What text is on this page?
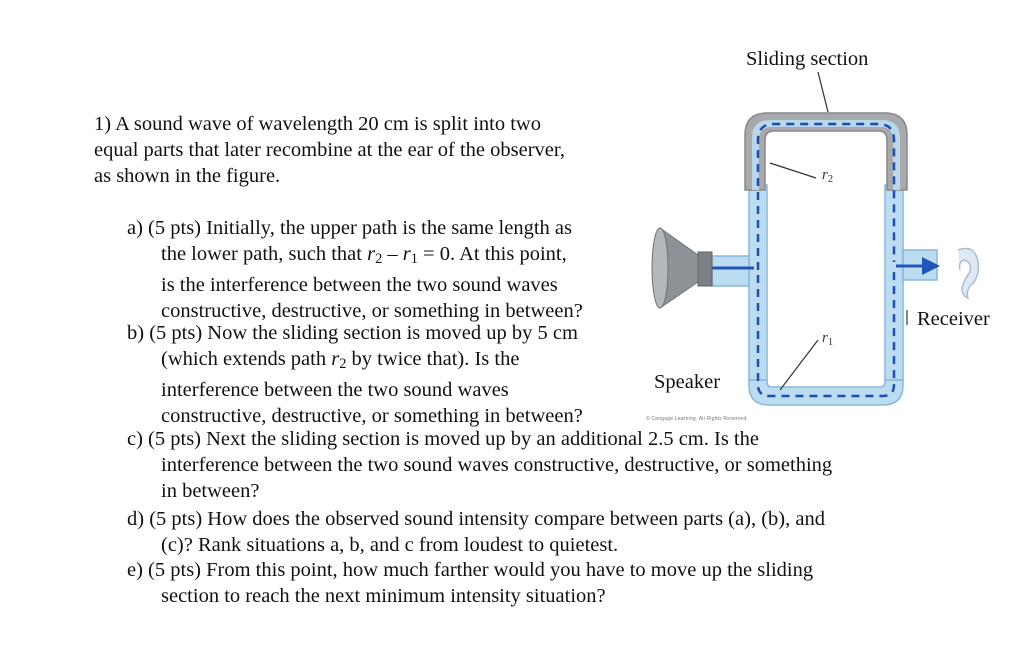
1) A sound wave of wavelength 20 cm is split into two
equal parts that later recombine at the ear of the observer,
as shown in the figure.
a) (5 pts) Initially, the upper path is the same length as
the lower path, such that $r_2 - r_1 = 0$. At this point,
is the interference between the two sound waves
constructive, destructive, or something in between?
b) (5 pts) Now the sliding section is moved up by 5 cm
(which extends path $r_2$ by twice that). Is the
interference between the two sound waves
constructive, destructive, or something in between?
c) (5 pts) Next the sliding section is moved up by an additional 2.5 cm. Is the
interference between the two sound waves constructive, destructive, or something
in between?
d) (5 pts) How does the observed sound intensity compare between parts (a), (b), and
(c)? Rank situations a, b, and c from loudest to quietest.
e) (5 pts) From this point, how much farther would you have to move up the sliding
section to reach the next minimum intensity situation?
Sliding section
Speaker
Receiver
$r_2$
$r_1$
© Cengage Learning. All Rights Reserved.
